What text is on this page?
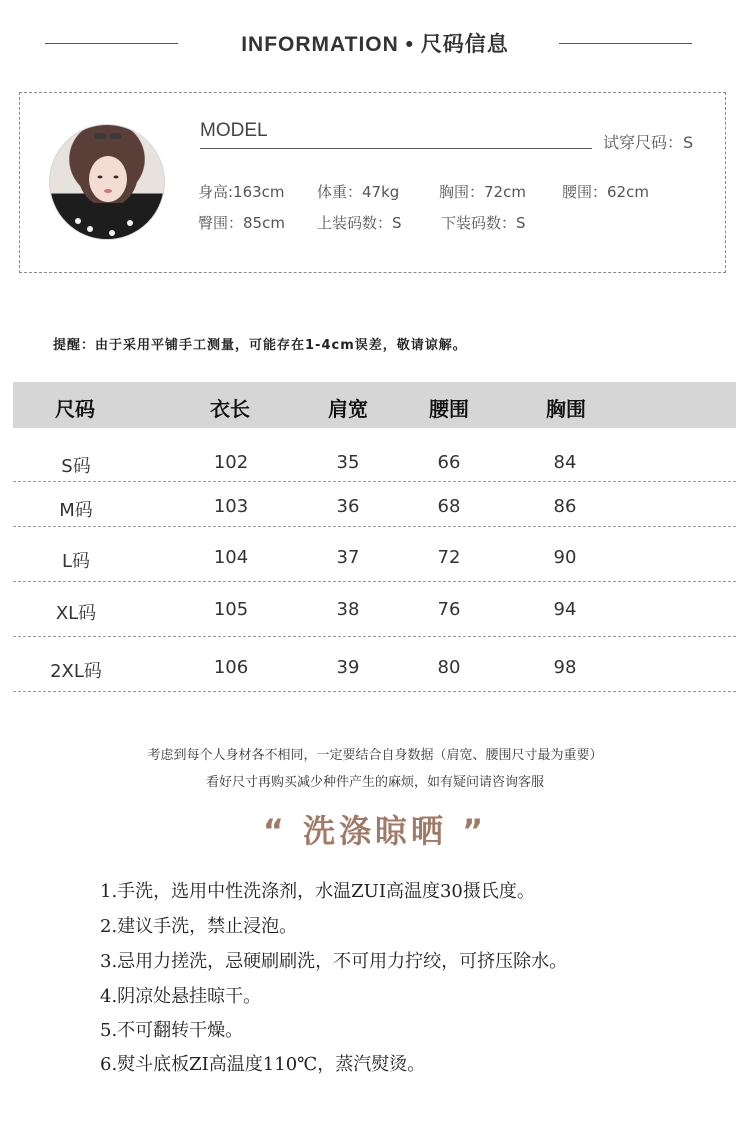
INFORMATION • 尺码信息
MODEL
试穿尺码：S
身高:163cm 体重：47kg	胸围：72cm 腰围：62cm
臀围：85cm 上装码数：S	下装码数：S
提醒：由于采用平铺手工测量，可能存在1-4cm误差，敬请谅解。
尺码	衣长	肩宽	腰围	胸围
S码	102	35	66	84
M码	103	36	68	86
L码	104	37	72	90
XL码	105	38	76	94
2XL码	106	39	80	98
考虑到每个人身材各不相同，一定要结合自身数据（肩宽、腰围尺寸最为重要）
看好尺寸再购买减少种件产生的麻烦，如有疑问请咨询客服
“ 洗涤晾晒 ”
1.手洗，选用中性洗涤剂，水温ZUI高温度30摄氏度。
2.建议手洗，禁止浸泡。
3.忌用力搓洗，忌硬刷刷洗，不可用力拧绞，可挤压除水。
4.阴凉处悬挂晾干。
5.不可翻转干燥。
6.熨斗底板ZI高温度110℃，蒸汽熨烫。
